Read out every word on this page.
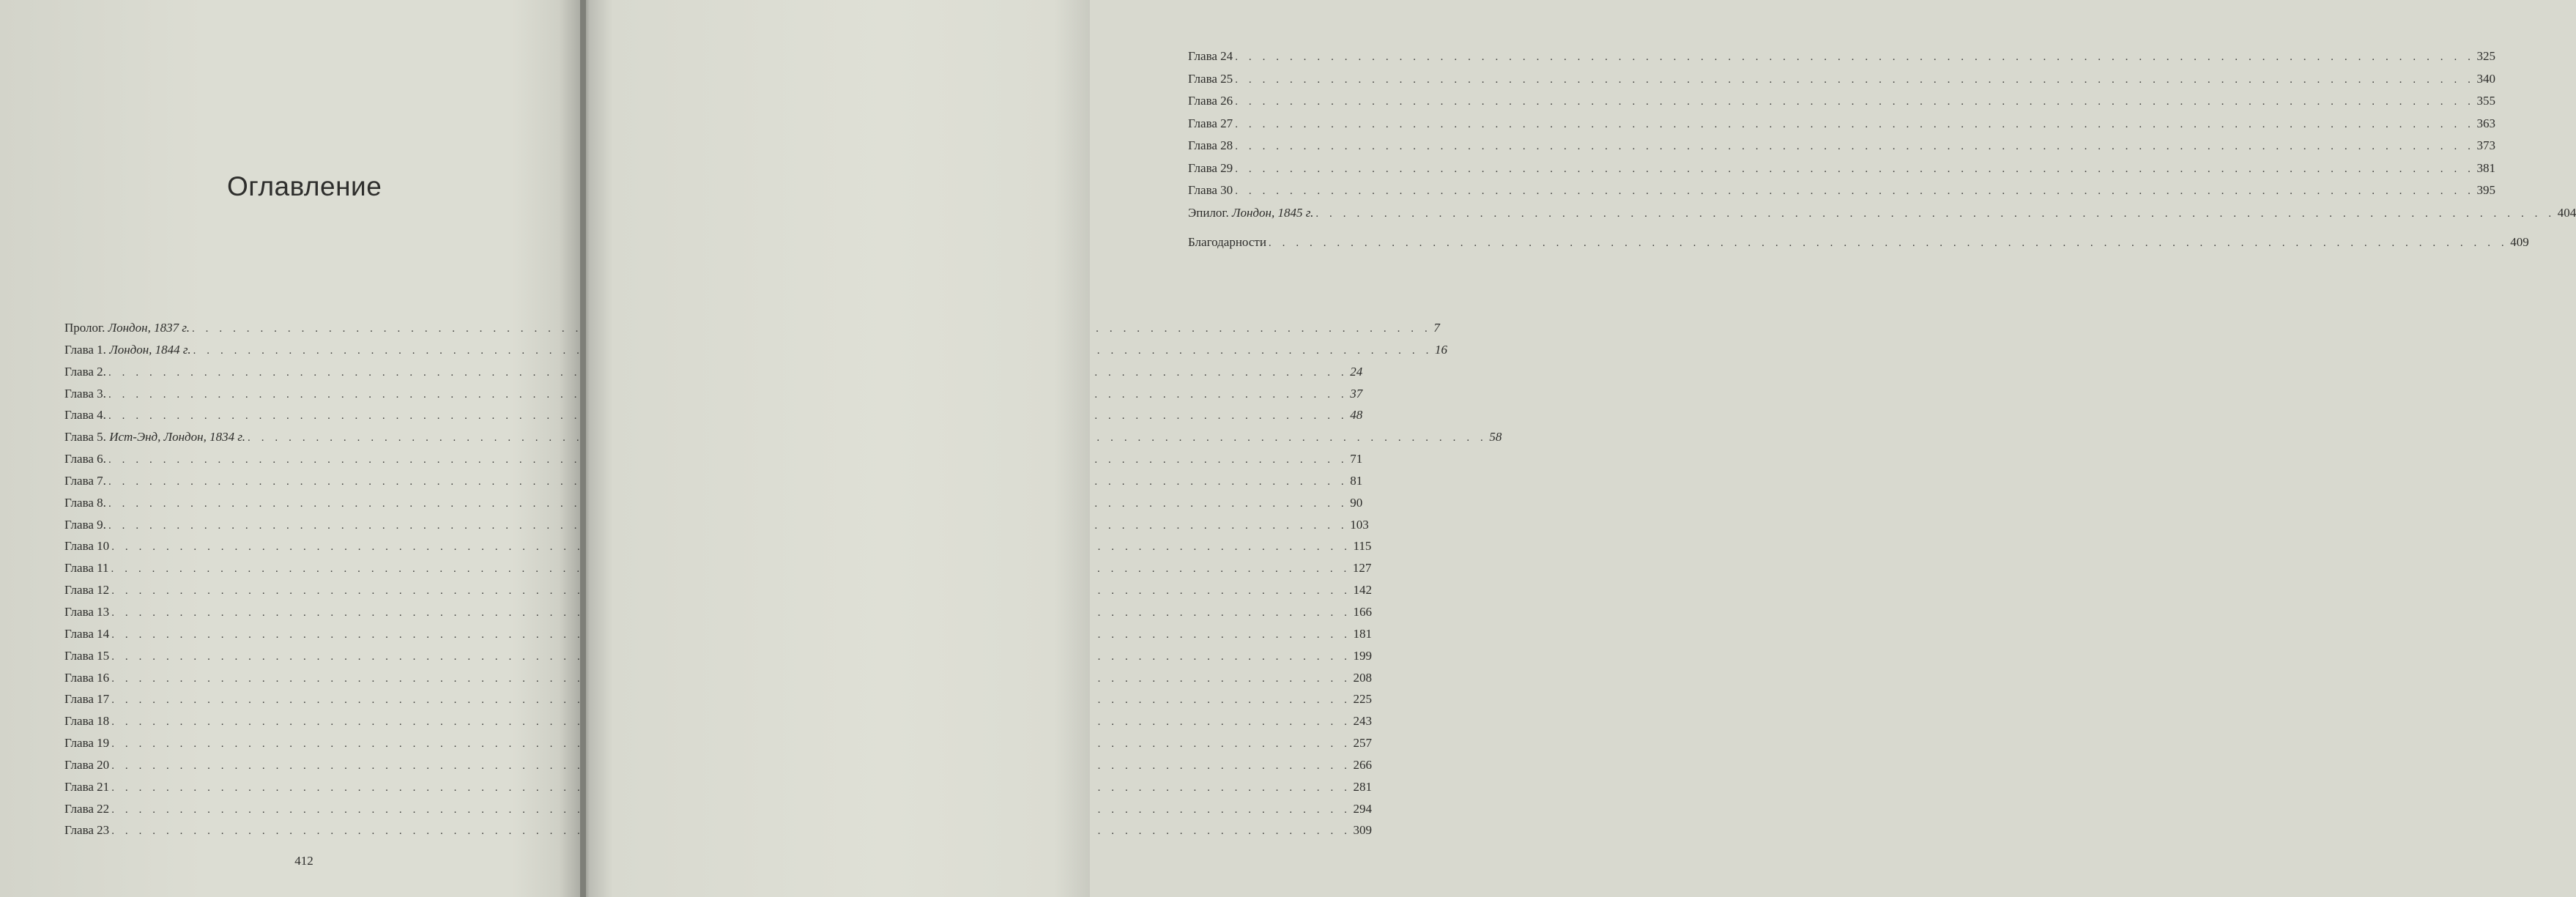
Оглавление
Пролог. Лондон, 1837 г. . . .	7
Глава 1. Лондон, 1844 г. . . .	16
Глава 2. . . .	24
Глава 3. . . .	37
Глава 4. . . .	48
Глава 5. Ист-Энд, Лондон, 1834 г. . . .	58
Глава 6. . . .	71
Глава 7. . . .	81
Глава 8. . . .	90
Глава 9. . . .	103
Глава 10 . . .	115
Глава 11 . . .	127
Глава 12 . . .	142
Глава 13 . . .	166
Глава 14 . . .	181
Глава 15 . . .	199
Глава 16 . . .	208
Глава 17 . . .	225
Глава 18 . . .	243
Глава 19 . . .	257
Глава 20 . . .	266
Глава 21 . . .	281
Глава 22 . . .	294
Глава 23 . . .	309
412
Глава 24 . . .	325
Глава 25 . . .	340
Глава 26 . . .	355
Глава 27 . . .	363
Глава 28 . . .	373
Глава 29 . . .	381
Глава 30 . . .	395
Эпилог. Лондон, 1845 г. . . .	404
Благодарности . . .	409
